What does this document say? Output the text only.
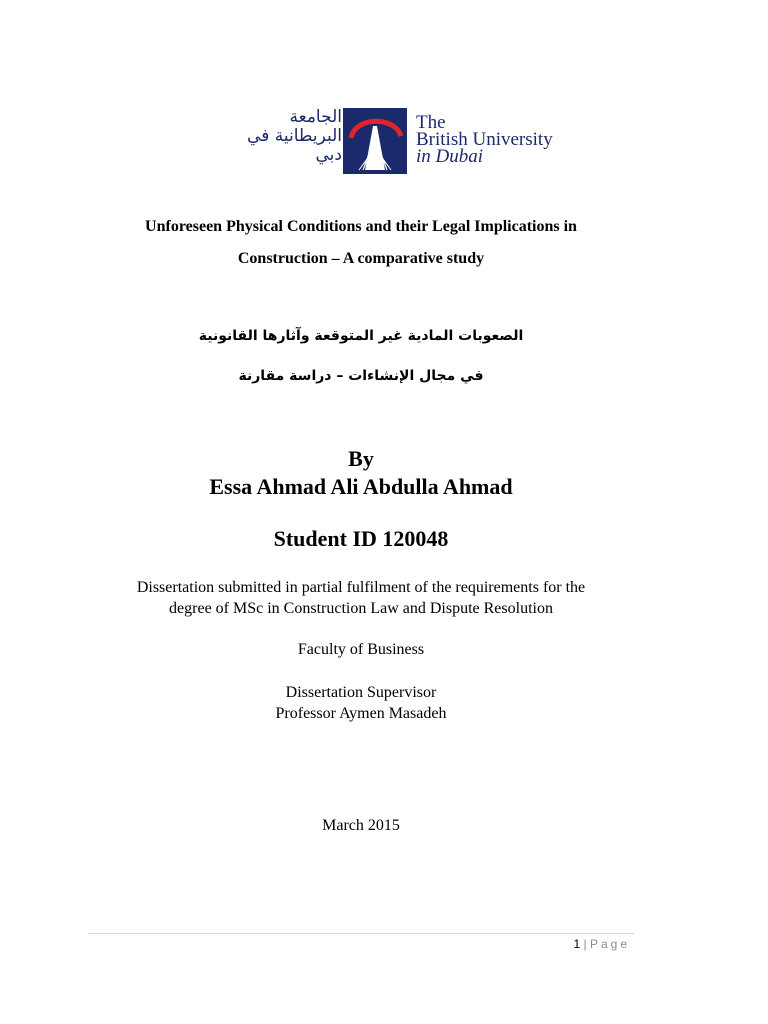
الجامعة
البريطانية في
دبي
The
British University
in Dubai
Unforeseen Physical Conditions and their Legal Implications in
Construction – A comparative study
الصعوبات المادية غير المتوقعة وآثارها القانونية
في مجال الإنشاءات – دراسة مقارنة
By
Essa Ahmad Ali Abdulla Ahmad
Student ID 120048
Dissertation submitted in partial fulfilment of the requirements for the
degree of MSc in Construction Law and Dispute Resolution
Faculty of Business
Dissertation Supervisor
Professor Aymen Masadeh
March 2015
1 | Page
